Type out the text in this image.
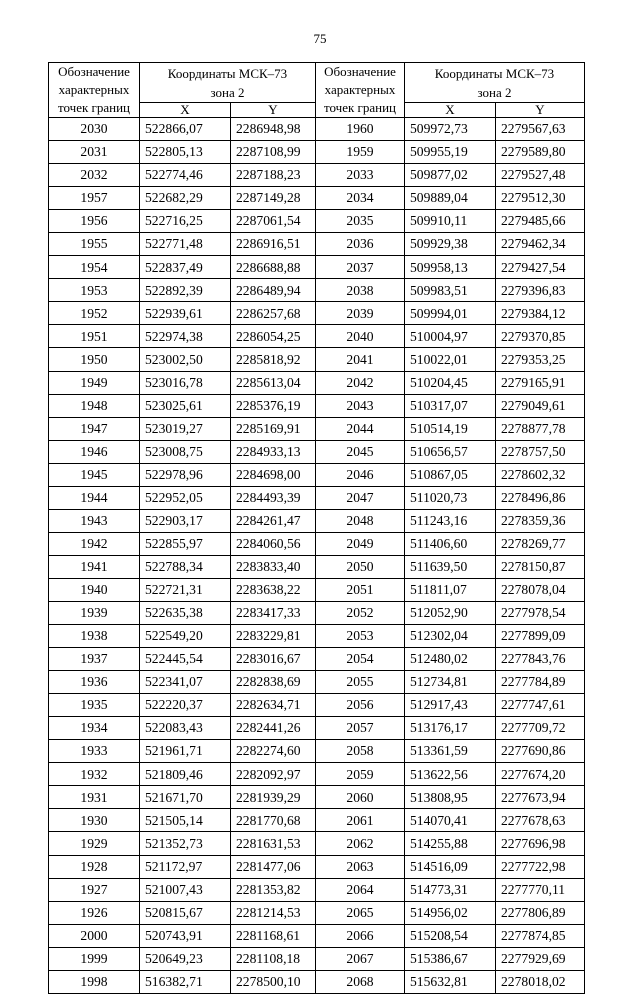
75
Обозначение
характерных
точек границ	Координаты МСК–73
зона 2		Обозначение
характерных
точек границ	Координаты МСК–73
зона 2	
	X	Y		X	Y
2030	522866,07	2286948,98	1960	509972,73	2279567,63
2031	522805,13	2287108,99	1959	509955,19	2279589,80
2032	522774,46	2287188,23	2033	509877,02	2279527,48
1957	522682,29	2287149,28	2034	509889,04	2279512,30
1956	522716,25	2287061,54	2035	509910,11	2279485,66
1955	522771,48	2286916,51	2036	509929,38	2279462,34
1954	522837,49	2286688,88	2037	509958,13	2279427,54
1953	522892,39	2286489,94	2038	509983,51	2279396,83
1952	522939,61	2286257,68	2039	509994,01	2279384,12
1951	522974,38	2286054,25	2040	510004,97	2279370,85
1950	523002,50	2285818,92	2041	510022,01	2279353,25
1949	523016,78	2285613,04	2042	510204,45	2279165,91
1948	523025,61	2285376,19	2043	510317,07	2279049,61
1947	523019,27	2285169,91	2044	510514,19	2278877,78
1946	523008,75	2284933,13	2045	510656,57	2278757,50
1945	522978,96	2284698,00	2046	510867,05	2278602,32
1944	522952,05	2284493,39	2047	511020,73	2278496,86
1943	522903,17	2284261,47	2048	511243,16	2278359,36
1942	522855,97	2284060,56	2049	511406,60	2278269,77
1941	522788,34	2283833,40	2050	511639,50	2278150,87
1940	522721,31	2283638,22	2051	511811,07	2278078,04
1939	522635,38	2283417,33	2052	512052,90	2277978,54
1938	522549,20	2283229,81	2053	512302,04	2277899,09
1937	522445,54	2283016,67	2054	512480,02	2277843,76
1936	522341,07	2282838,69	2055	512734,81	2277784,89
1935	522220,37	2282634,71	2056	512917,43	2277747,61
1934	522083,43	2282441,26	2057	513176,17	2277709,72
1933	521961,71	2282274,60	2058	513361,59	2277690,86
1932	521809,46	2282092,97	2059	513622,56	2277674,20
1931	521671,70	2281939,29	2060	513808,95	2277673,94
1930	521505,14	2281770,68	2061	514070,41	2277678,63
1929	521352,73	2281631,53	2062	514255,88	2277696,98
1928	521172,97	2281477,06	2063	514516,09	2277722,98
1927	521007,43	2281353,82	2064	514773,31	2277770,11
1926	520815,67	2281214,53	2065	514956,02	2277806,89
2000	520743,91	2281168,61	2066	515208,54	2277874,85
1999	520649,23	2281108,18	2067	515386,67	2277929,69
1998	516382,71	2278500,10	2068	515632,81	2278018,02
